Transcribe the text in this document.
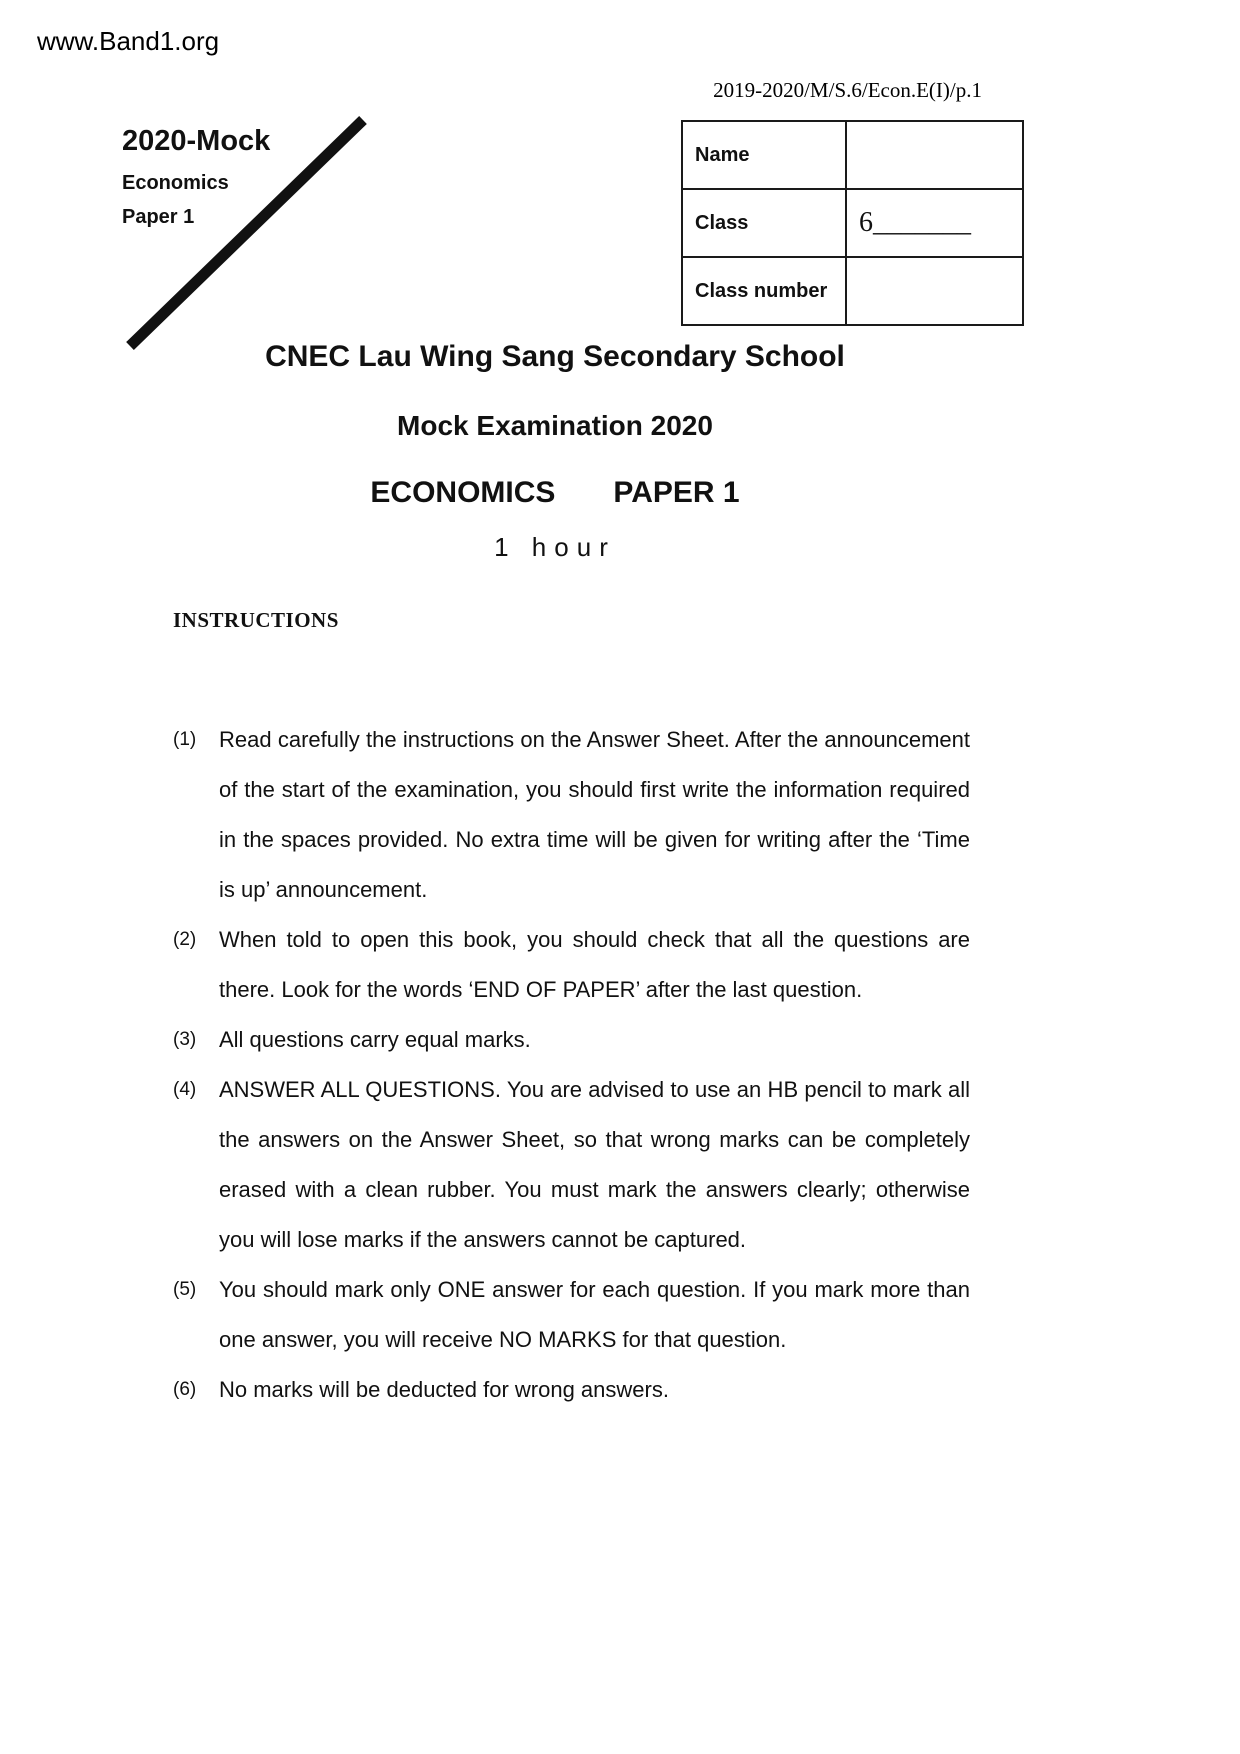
www.Band1.org
2019-2020/M/S.6/Econ.E(I)/p.1
2020-Mock
Economics
Paper 1
Name	
Class	6_______
Class number	
CNEC Lau Wing Sang Secondary School
Mock Examination 2020
ECONOMICS PAPER 1
1 hour
INSTRUCTIONS
(1)	Read carefully the instructions on the Answer Sheet. After the announcement of the start of the examination, you should first write the information required in the spaces provided. No extra time will be given for writing after the ‘Time is up’ announcement.
(2)	When told to open this book, you should check that all the questions are there. Look for the words ‘END OF PAPER’ after the last question.
(3)	All questions carry equal marks.
(4)	ANSWER ALL QUESTIONS. You are advised to use an HB pencil to mark all the answers on the Answer Sheet, so that wrong marks can be completely erased with a clean rubber. You must mark the answers clearly; otherwise you will lose marks if the answers cannot be captured.
(5)	You should mark only ONE answer for each question. If you mark more than one answer, you will receive NO MARKS for that question.
(6)	No marks will be deducted for wrong answers.
